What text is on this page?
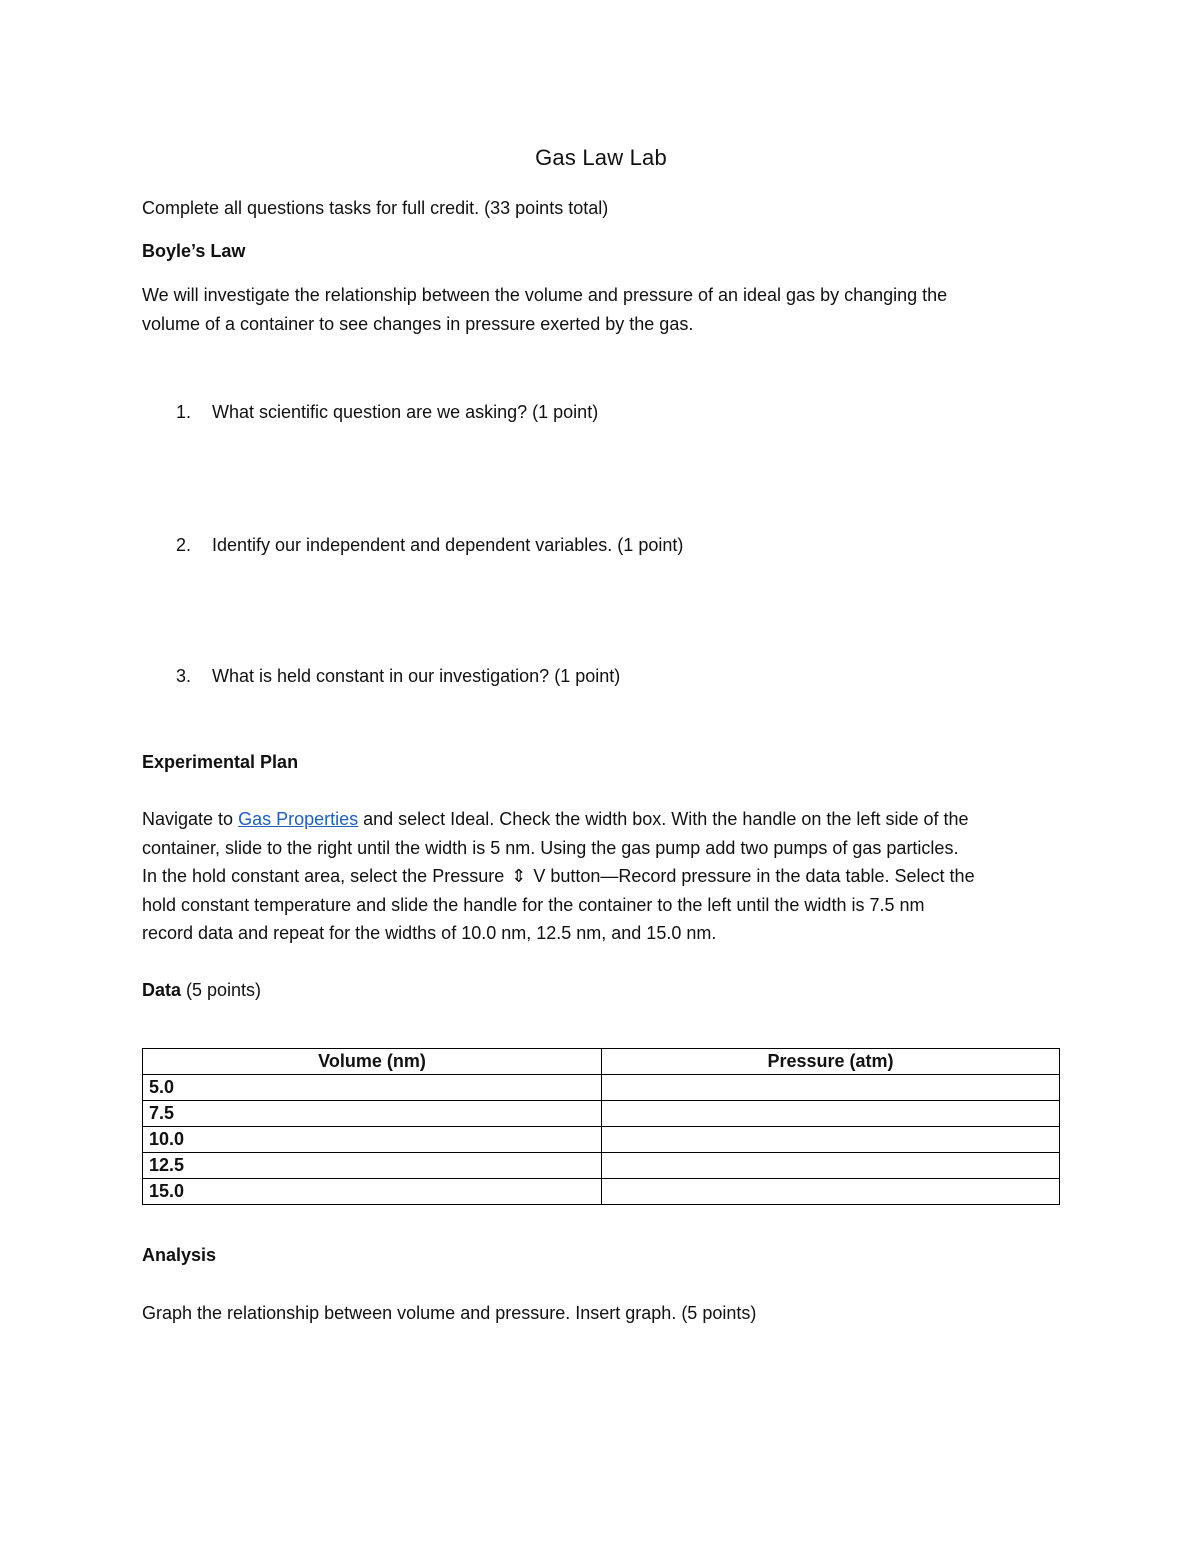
Gas Law Lab
Complete all questions tasks for full credit. (33 points total)
Boyle’s Law
We will investigate the relationship between the volume and pressure of an ideal gas by changing the
volume of a container to see changes in pressure exerted by the gas.
1. What scientific question are we asking? (1 point)
2. Identify our independent and dependent variables. (1 point)
3. What is held constant in our investigation? (1 point)
Experimental Plan
Navigate to Gas Properties and select Ideal. Check the width box. With the handle on the left side of the
container, slide to the right until the width is 5 nm. Using the gas pump add two pumps of gas particles.
In the hold constant area, select the Pressure ⇕ V button—Record pressure in the data table. Select the
hold constant temperature and slide the handle for the container to the left until the width is 7.5 nm
record data and repeat for the widths of 10.0 nm, 12.5 nm, and 15.0 nm.
Data (5 points)
Volume (nm)	Pressure (atm)
5.0	
7.5	
10.0	
12.5	
15.0	
Analysis
Graph the relationship between volume and pressure. Insert graph. (5 points)
